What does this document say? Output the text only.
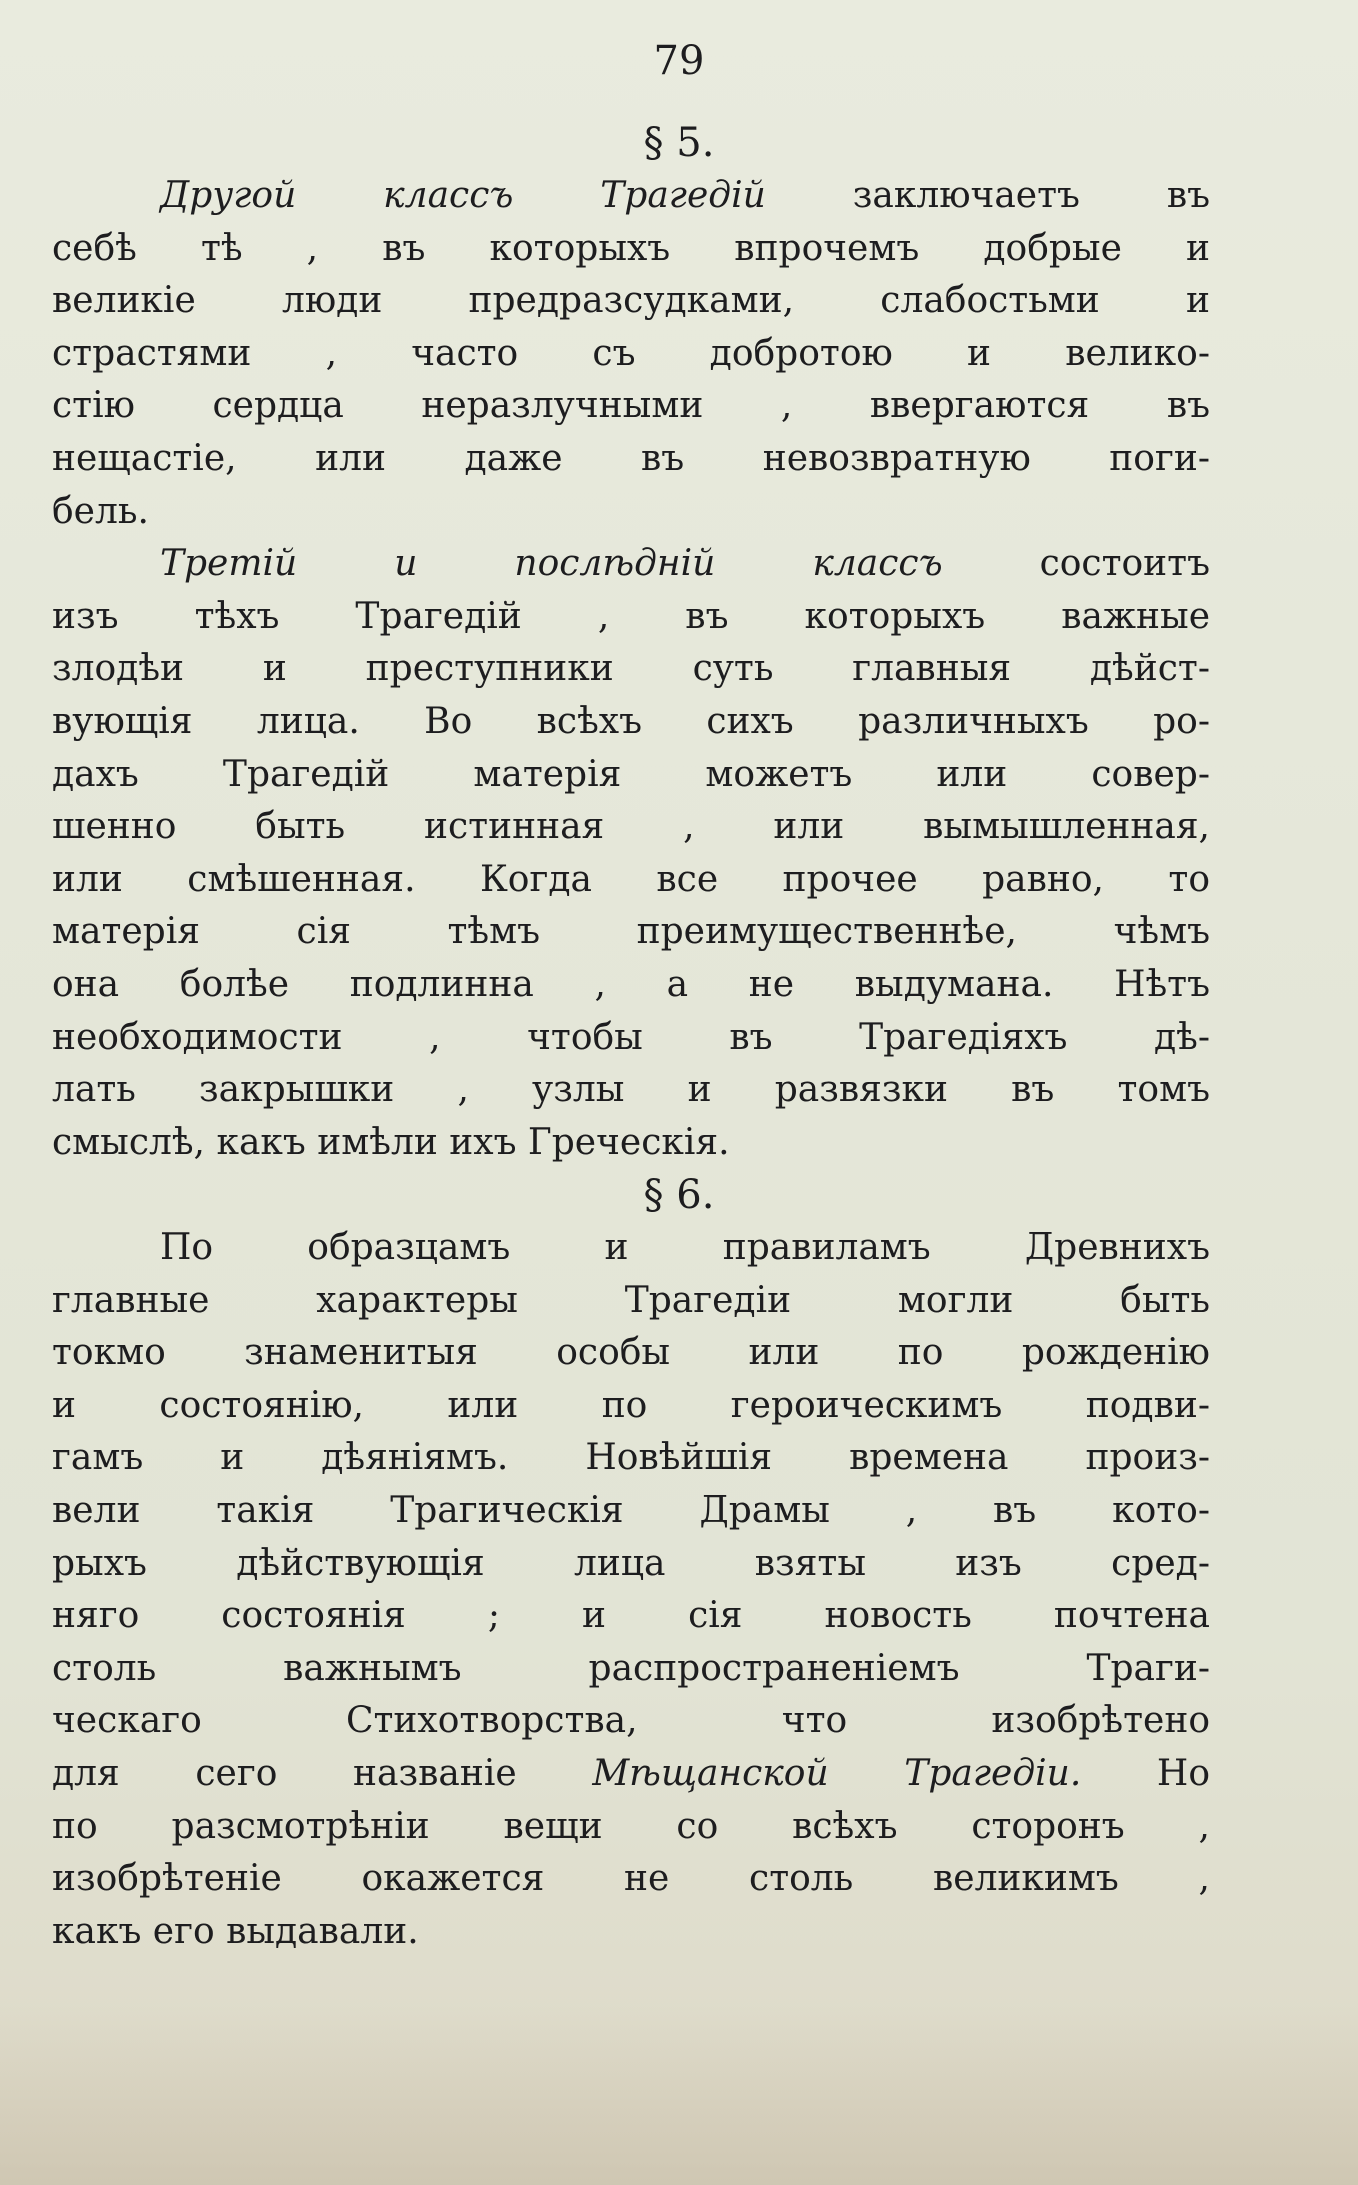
79
§ 5.
Другой классъ Трагедій заключаетъ въ
себѣ тѣ , въ которыхъ впрочемъ добрые и
великіе люди предразсудками, слабостьми и
страстями , часто съ добротою и велико-
стію сердца неразлучными , ввергаются въ
нещастіе, или даже въ невозвратную поги-
бель.
Третій и послѣдній классъ состоитъ
изъ тѣхъ Трагедій , въ которыхъ важные
злодѣи и преступники суть главныя дѣйст-
вующія лица. Во всѣхъ сихъ различныхъ ро-
дахъ Трагедій матерія можетъ или совер-
шенно быть истинная , или вымышленная,
или смѣшенная. Когда все прочее равно, то
матерія сія тѣмъ преимущественнѣе, чѣмъ
она болѣе подлинна , а не выдумана. Нѣтъ
необходимости , чтобы въ Трагедіяхъ дѣ-
лать закрышки , узлы и развязки въ томъ
смыслѣ, какъ имѣли ихъ Греческія.
§ 6.
По образцамъ и правиламъ Древнихъ
главные характеры Трагедіи могли быть
токмо знаменитыя особы или по рожденію
и состоянію, или по героическимъ подви-
гамъ и дѣяніямъ. Новѣйшія времена произ-
вели такія Трагическія Драмы , въ кото-
рыхъ дѣйствующія лица взяты изъ сред-
няго состоянія ; и сія новость почтена
столь важнымъ распространеніемъ Траги-
ческаго Стихотворства, что изобрѣтено
для сего названіе Мѣщанской Трагедіи. Но
по разсмотрѣніи вещи со всѣхъ сторонъ ,
изобрѣтеніе окажется не столь великимъ ,
какъ его выдавали.
